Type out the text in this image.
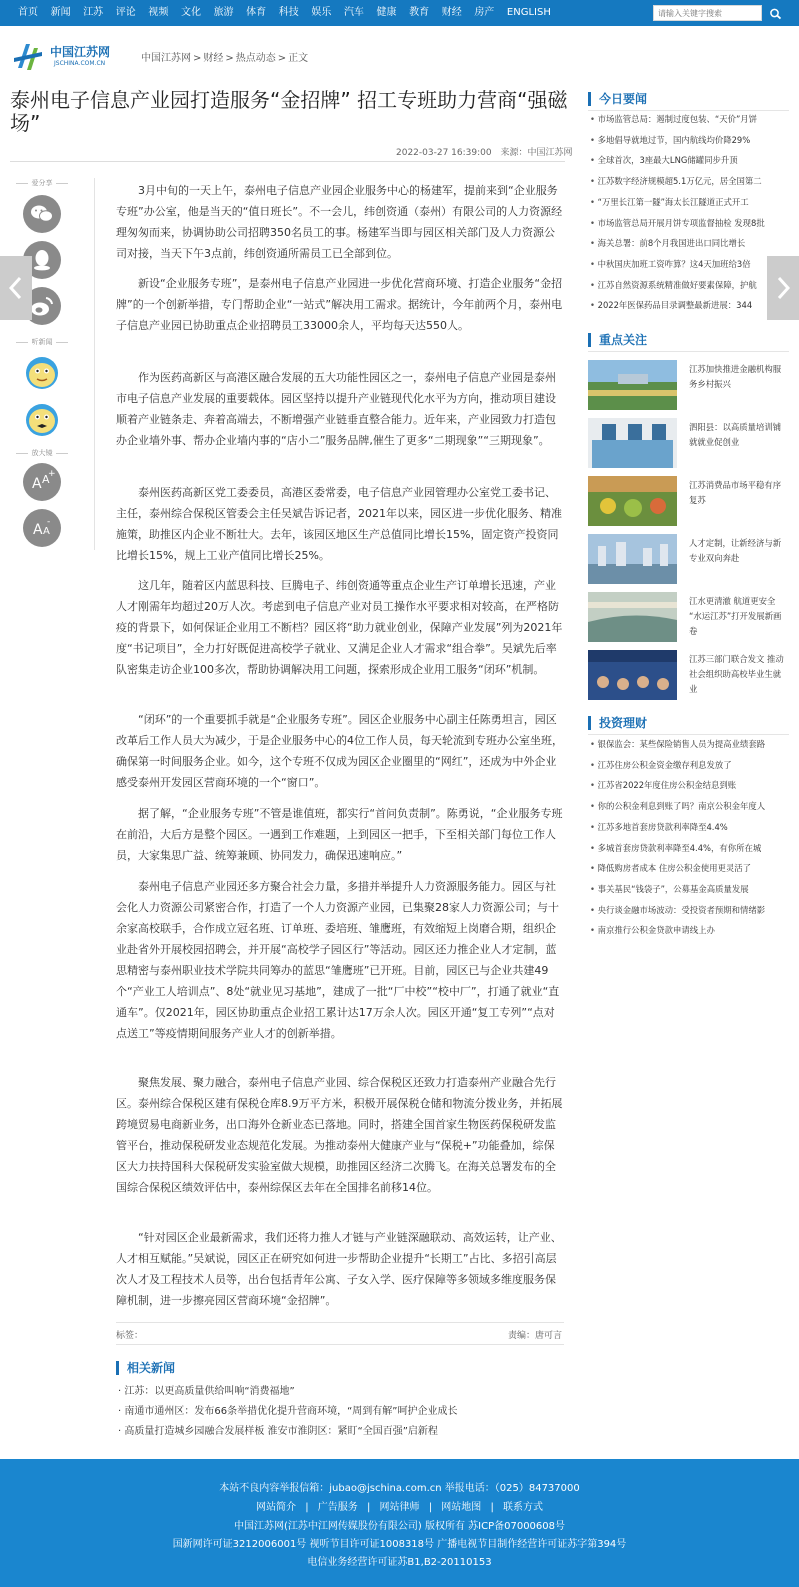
首页 新闻 江苏 评论 视频 文化 旅游 体育 科技 娱乐 汽车 健康 教育 财经 房产 ENGLISH
请输入关键字搜索
中国江苏网
JSCHINA.COM.CN	中国江苏网 > 财经 > 热点动态 > 正文
泰州电子信息产业园打造服务“金招牌” 招工专班助力营商“强磁场”
2022-03-27 16:39:00 来源：中国江苏网
爱分享
听新闻
放大镜
A A
+
A A
-

3月中旬的一天上午，泰州电子信息产业园企业服务中心的杨建军，提前来到“企业服务专班”办公室，他是当天的“值日班长”。不一会儿，纬创资通（泰州）有限公司的人力资源经理匆匆而来，协调协助公司招聘350名员工的事。杨建军当即与园区相关部门及人力资源公司对接，当天下午3点前，纬创资通所需员工已全部到位。

新设“企业服务专班”，是泰州电子信息产业园进一步优化营商环境、打造企业服务“金招牌”的一个创新举措，专门帮助企业“一站式”解决用工需求。据统计，今年前两个月，泰州电子信息产业园已协助重点企业招聘员工33000余人，平均每天达550人。

作为医药高新区与高港区融合发展的五大功能性园区之一，泰州电子信息产业园是泰州市电子信息产业发展的重要载体。园区坚持以提升产业链现代化水平为方向，推动项目建设顺着产业链条走、奔着高端去，不断增强产业链垂直整合能力。近年来，产业园致力打造包办企业墙外事、帮办企业墙内事的“店小二”服务品牌,催生了更多“二期现象”“三期现象”。

泰州医药高新区党工委委员，高港区委常委，电子信息产业园管理办公室党工委书记、主任，泰州综合保税区管委会主任吴斌告诉记者，2021年以来，园区进一步优化服务、精准施策，助推区内企业不断壮大。去年，该园区地区生产总值同比增长15%，固定资产投资同比增长15%，规上工业产值同比增长25%。

这几年，随着区内蓝思科技、巨腾电子、纬创资通等重点企业生产订单增长迅速，产业人才刚需年均超过20万人次。考虑到电子信息产业对员工操作水平要求相对较高，在严格防疫的背景下，如何保证企业用工不断档？园区将“助力就业创业，保障产业发展”列为2021年度“书记项目”，全力打好既促进高校学子就业、又满足企业人才需求“组合拳”。吴斌先后率队密集走访企业100多次，帮助协调解决用工问题，探索形成企业用工服务“闭环”机制。

“闭环”的一个重要抓手就是“企业服务专班”。园区企业服务中心副主任陈勇坦言，园区改革后工作人员大为减少，于是企业服务中心的4位工作人员，每天轮流到专班办公室坐班，确保第一时间服务企业。如今，这个专班不仅成为园区企业圈里的“网红”，还成为中外企业感受泰州开发园区营商环境的一个“窗口”。

据了解，“企业服务专班”不管是谁值班，都实行“首问负责制”。陈勇说，“企业服务专班在前沿，大后方是整个园区。一遇到工作难题，上到园区一把手，下至相关部门每位工作人员，大家集思广益、统筹兼顾、协同发力，确保迅速响应。”

泰州电子信息产业园还多方聚合社会力量，多措并举提升人力资源服务能力。园区与社会化人力资源公司紧密合作，打造了一个人力资源产业园，已集聚28家人力资源公司；与十余家高校联手，合作成立冠名班、订单班、委培班、雏鹰班，有效缩短上岗磨合期，组织企业赴省外开展校园招聘会，并开展“高校学子园区行”等活动。园区还力推企业人才定制，蓝思精密与泰州职业技术学院共同筹办的蓝思“雏鹰班”已开班。目前，园区已与企业共建49个“产业工人培训点”、8处“就业见习基地”，建成了一批“厂中校”“校中厂”，打通了就业“直通车”。仅2021年，园区协助重点企业招工累计达17万余人次。园区开通“复工专列”“点对点送工”等疫情期间服务产业人才的创新举措。

聚焦发展、聚力融合，泰州电子信息产业园、综合保税区还致力打造泰州产业融合先行区。泰州综合保税区建有保税仓库8.9万平方米，积极开展保税仓储和物流分拨业务，并拓展跨境贸易电商新业务，出口海外仓新业态已落地。同时，搭建全国首家生物医药保税研发监管平台，推动保税研发业态规范化发展。为推动泰州大健康产业与“保税+”功能叠加，综保区大力扶持国科大保税研发实验室做大规模，助推园区经济二次腾飞。在海关总署发布的全国综合保税区绩效评估中，泰州综保区去年在全国排名前移14位。

“针对园区企业最新需求，我们还将力推人才链与产业链深融联动、高效运转，让产业、人才相互赋能。”吴斌说，园区正在研究如何进一步帮助企业提升“长期工”占比、多招引高层次人才及工程技术人员等，出台包括青年公寓、子女入学、医疗保障等多领域多维度服务保障机制，进一步擦亮园区营商环境“金招牌”。

标签：	责编：唐可言
相关新闻
· 江苏：以更高质量供给叫响“消费福地”
· 南通市通州区：发布66条举措优化提升营商环境，“周到有解”呵护企业成长
· 高质量打造城乡园融合发展样板 淮安市淮阴区：紧盯“全国百强”启新程
今日要闻
• 市场监管总局：遏制过度包装、“天价”月饼
• 多地倡导就地过节，国内航线均价降29%
• 全球首次，3座最大LNG储罐同步升顶
• 江苏数字经济规模超5.1万亿元，居全国第二
• “万里长江第一隧”海太长江隧道正式开工
• 市场监管总局开展月饼专项监督抽检 发现8批
• 海关总署：前8个月我国进出口同比增长
• 中秋国庆加班工资咋算？这4天加班给3倍
• 江苏自然资源系统精准做好要素保障，护航
• 2022年医保药品目录调整最新进展：344
重点关注
江苏加快推进金融机构服务乡村振兴
泗阳县：以高质量培训铺就就业促创业
江苏消费品市场平稳有序复苏
人才定制，让新经济与新专业双向奔赴
江水更清澈 航道更安全 “水运江苏”打开发展新画卷
江苏三部门联合发文 推动社会组织助高校毕业生就业
投资理财
• 银保监会：某些保险销售人员为提高业绩套路
• 江苏住房公积金资金缴存利息发放了
• 江苏省2022年度住房公积金结息到账
• 你的公积金利息到账了吗？南京公积金年度人
• 江苏多地首套房贷款利率降至4.4%
• 多城首套房贷款利率降至4.4%，有你所在城
• 降低购房者成本 住房公积金使用更灵活了
• 事关基民“钱袋子”，公募基金高质量发展
• 央行谈金融市场波动：受投资者预期和情绪影
• 南京推行公积金贷款申请线上办
本站不良内容举报信箱：jubao@jschina.com.cn 举报电话：（025）84737000
网站简介 | 广告服务 | 网站律师 | 网站地图 | 联系方式
中国江苏网(江苏中江网传媒股份有限公司) 版权所有 苏ICP备07000608号
国新网许可证3212006001号 视听节目许可证1008318号 广播电视节目制作经营许可证苏字第394号
电信业务经营许可证苏B1,B2-20110153
